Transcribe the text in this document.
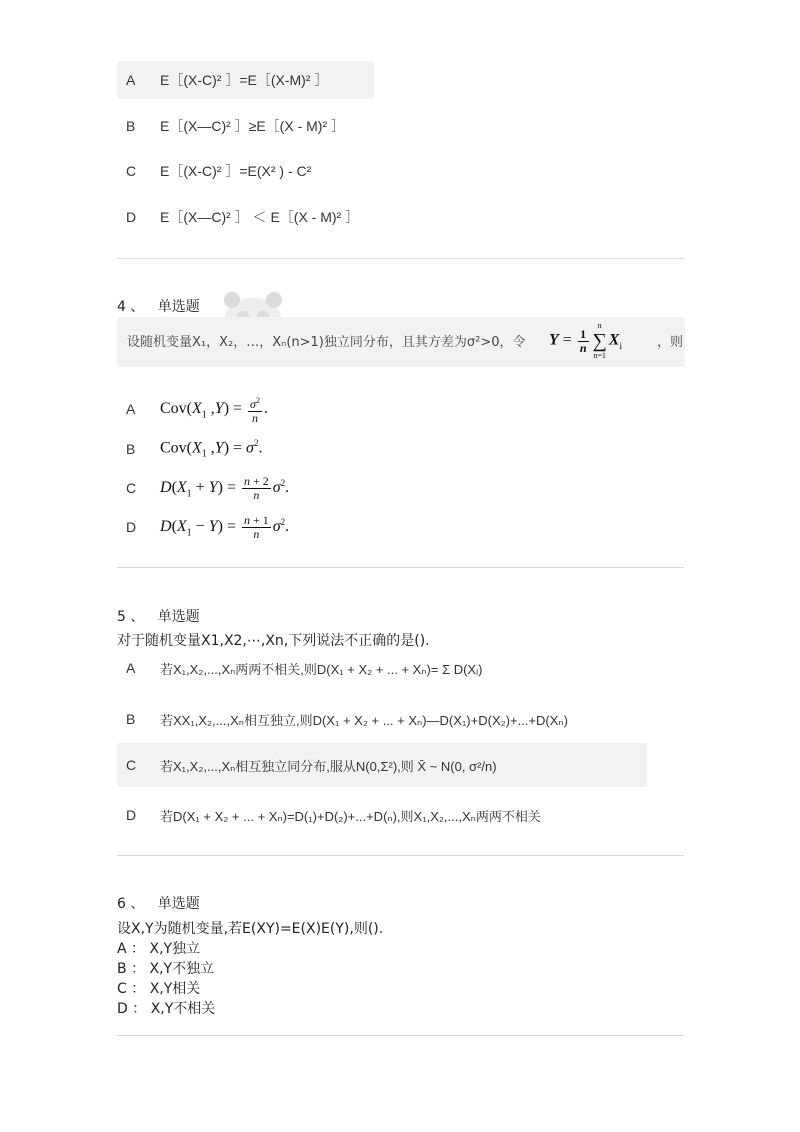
A	E［(X-C)² ］=E［(X-M)² ］
B	E［(X—C)² ］≥E［(X - M)² ］
C	E［(X-C)² ］=E(X² ) - C²
D	E［(X—C)² ］ ＜ E［(X - M)² ］
4 、 单选题
设随机变量X₁，X₂，…，Xₙ(n>1)独立同分布，且其方差为σ²>0，令 $Y = \frac{1}{n}$
n
∑
n=1
$X_i$	，则
A	$Cov(X_1$ $,Y) = \frac{\sigma^2}{n}$ .
B	$Cov(X_1$ $,Y) = \sigma^2$.
C	$D(X_1 + Y) = \frac{n + 2}{n} \sigma^2$.
D	$D(X_1 - Y) = \frac{n + 1}{n} \sigma^2$.
5 、 单选题
对于随机变量X1,X2,⋯,Xn,下列说法不正确的是().
A	若X₁,X₂,...,Xₙ两两不相关,则D(X₁ + X₂ + ... + Xₙ)= Σ D(Xᵢ)
B	若XX₁,X₂,...,Xₙ相互独立,则D(X₁ + X₂ + ... + Xₙ)—D(X₁)+D(X₂)+...+D(Xₙ)
C	若X₁,X₂,...,Xₙ相互独立同分布,服从N(0,Σ²),则 X̄ ~ N(0, σ²/n)
D	若D(X₁ + X₂ + ... + Xₙ)=D(₁)+D(₂)+...+D(ₙ),则X₁,X₂,...,Xₙ两两不相关
6 、 单选题
设X,Y为随机变量,若E(XY)=E(X)E(Y),则().
A ： X,Y独立
B ： X,Y不独立
C ： X,Y相关
D ： X,Y不相关
